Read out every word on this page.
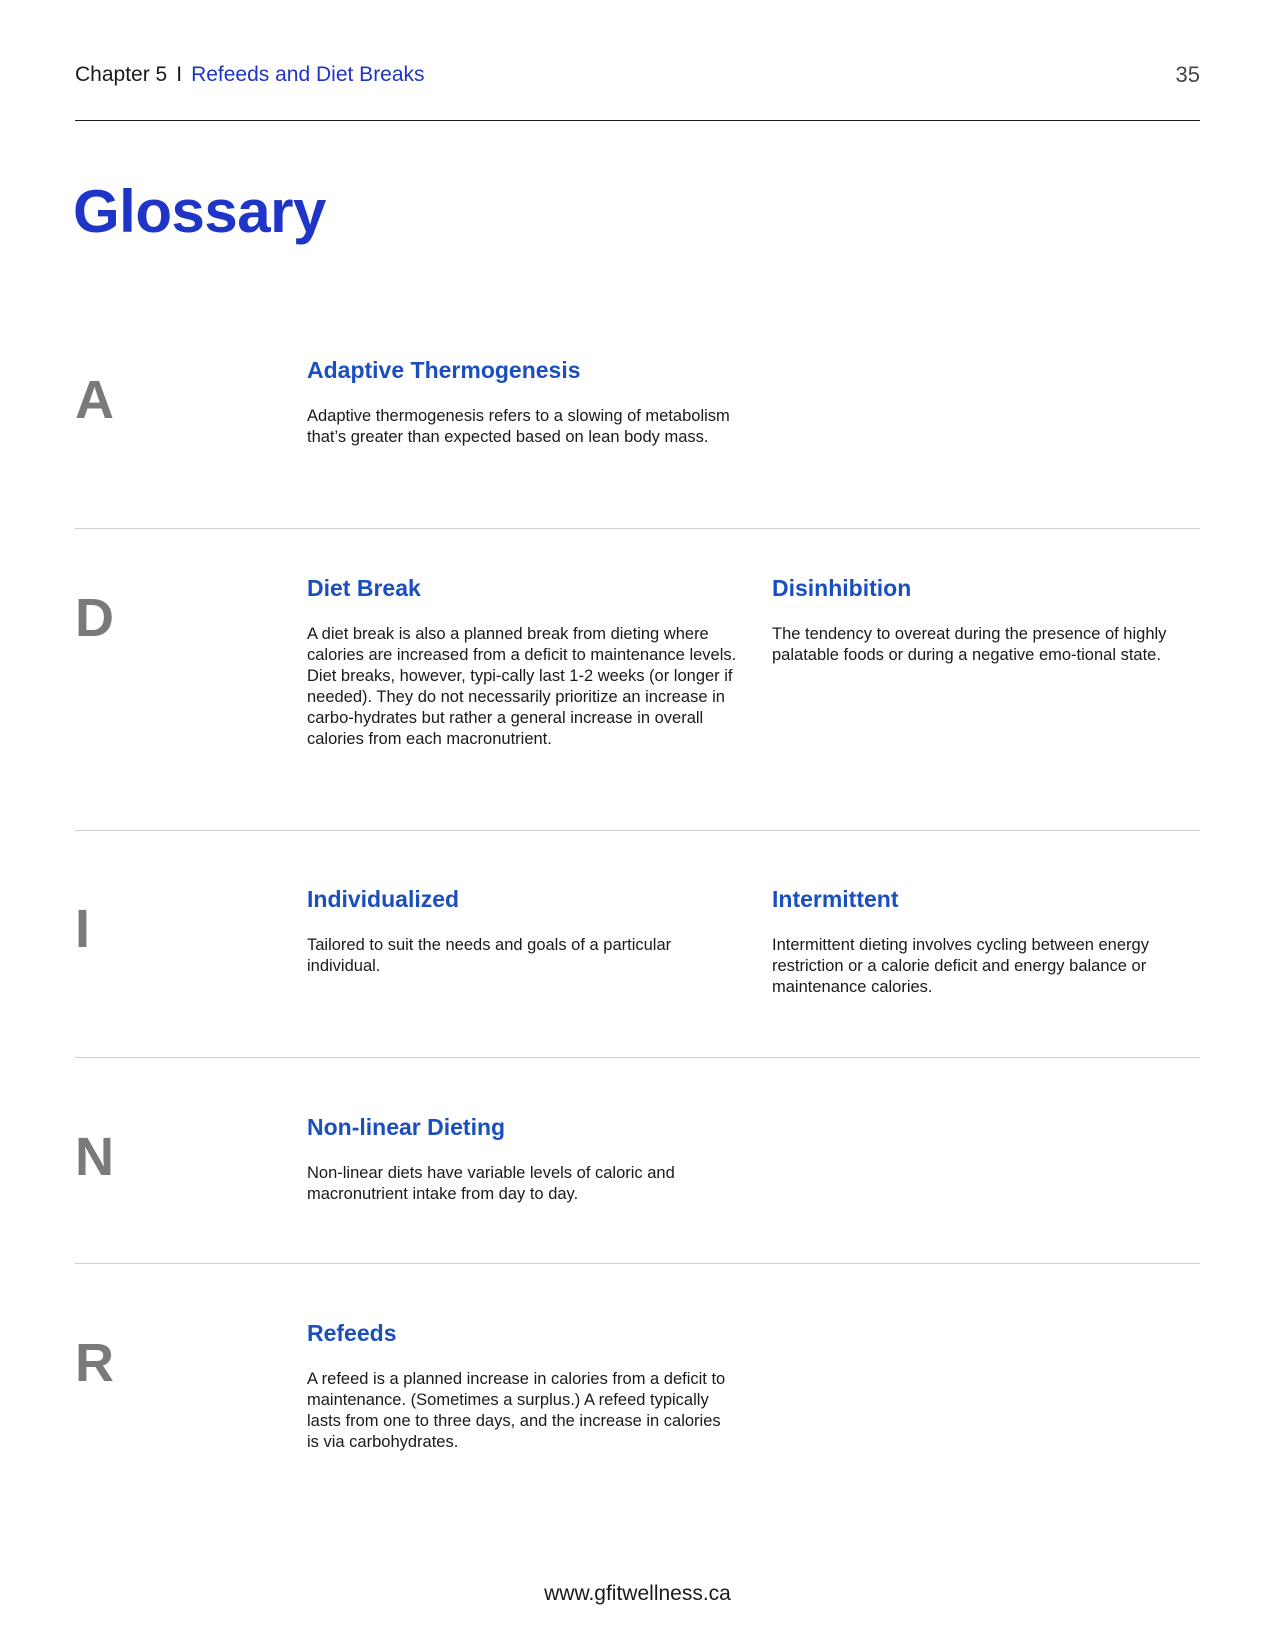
Chapter 5 I Refeeds and Diet Breaks	35
Glossary
A	Adaptive Thermogenesis

Adaptive thermogenesis refers to a slowing of metabolism that’s greater than expected based on lean body mass.

D	Diet Break

A diet break is also a planned break from dieting where calories are increased from a deficit to maintenance levels. Diet breaks, however, typi-cally last 1-2 weeks (or longer if needed). They do not necessarily prioritize an increase in carbo-hydrates but rather a general increase in overall calories from each macronutrient.

Disinhibition

The tendency to overeat during the presence of highly palatable foods or during a negative emo-tional state.

I	Individualized

Tailored to suit the needs and goals of a particular individual.

Intermittent

Intermittent dieting involves cycling between energy restriction or a calorie deficit and energy balance or maintenance calories.

N	Non-linear Dieting

Non-linear diets have variable levels of caloric and macronutrient intake from day to day.

R	Refeeds

A refeed is a planned increase in calories from a deficit to maintenance. (Sometimes a surplus.) A refeed typically lasts from one to three days, and the increase in calories is via carbohydrates.

www.gfitwellness.ca
